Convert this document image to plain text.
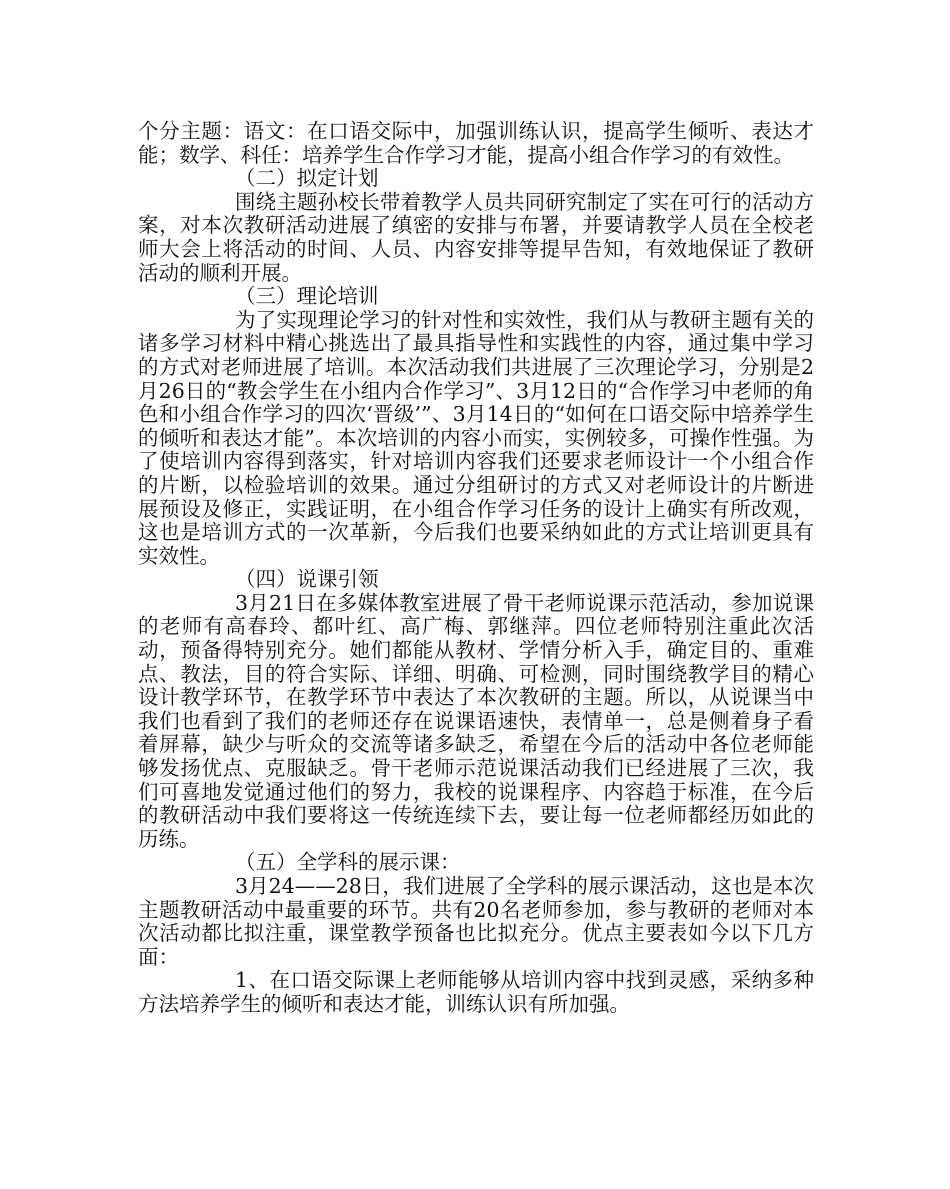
个分主题：语文：在口语交际中，加强训练认识，提高学生倾听、表达才能；数学、科任：培养学生合作学习才能，提高小组合作学习的有效性。

（二）拟定计划

围绕主题孙校长带着教学人员共同研究制定了实在可行的活动方案，对本次教研活动进展了缜密的安排与布署，并要请教学人员在全校老师大会上将活动的时间、人员、内容安排等提早告知，有效地保证了教研活动的顺利开展。

（三）理论培训

为了实现理论学习的针对性和实效性，我们从与教研主题有关的诸多学习材料中精心挑选出了最具指导性和实践性的内容，通过集中学习的方式对老师进展了培训。本次活动我们共进展了三次理论学习，分别是2月26日的“教会学生在小组内合作学习”、3月12日的“合作学习中老师的角色和小组合作学习的四次‘晋级’”、3月14日的“如何在口语交际中培养学生的倾听和表达才能”。本次培训的内容小而实，实例较多，可操作性强。为了使培训内容得到落实，针对培训内容我们还要求老师设计一个小组合作的片断，以检验培训的效果。通过分组研讨的方式又对老师设计的片断进展预设及修正，实践证明，在小组合作学习任务的设计上确实有所改观，这也是培训方式的一次革新，今后我们也要采纳如此的方式让培训更具有实效性。

（四）说课引领

3月21日在多媒体教室进展了骨干老师说课示范活动，参加说课的老师有高春玲、都叶红、高广梅、郭继萍。四位老师特别注重此次活动，预备得特别充分。她们都能从教材、学情分析入手，确定目的、重难点、教法，目的符合实际、详细、明确、可检测，同时围绕教学目的精心设计教学环节，在教学环节中表达了本次教研的主题。所以，从说课当中我们也看到了我们的老师还存在说课语速快，表情单一，总是侧着身子看着屏幕，缺少与听众的交流等诸多缺乏，希望在今后的活动中各位老师能够发扬优点、克服缺乏。骨干老师示范说课活动我们已经进展了三次，我们可喜地发觉通过他们的努力，我校的说课程序、内容趋于标准，在今后的教研活动中我们要将这一传统连续下去，要让每一位老师都经历如此的历练。

（五）全学科的展示课：

3月24——28日，我们进展了全学科的展示课活动，这也是本次主题教研活动中最重要的环节。共有20名老师参加，参与教研的老师对本次活动都比拟注重，课堂教学预备也比拟充分。优点主要表如今以下几方面：

1、在口语交际课上老师能够从培训内容中找到灵感，采纳多种方法培养学生的倾听和表达才能，训练认识有所加强。
